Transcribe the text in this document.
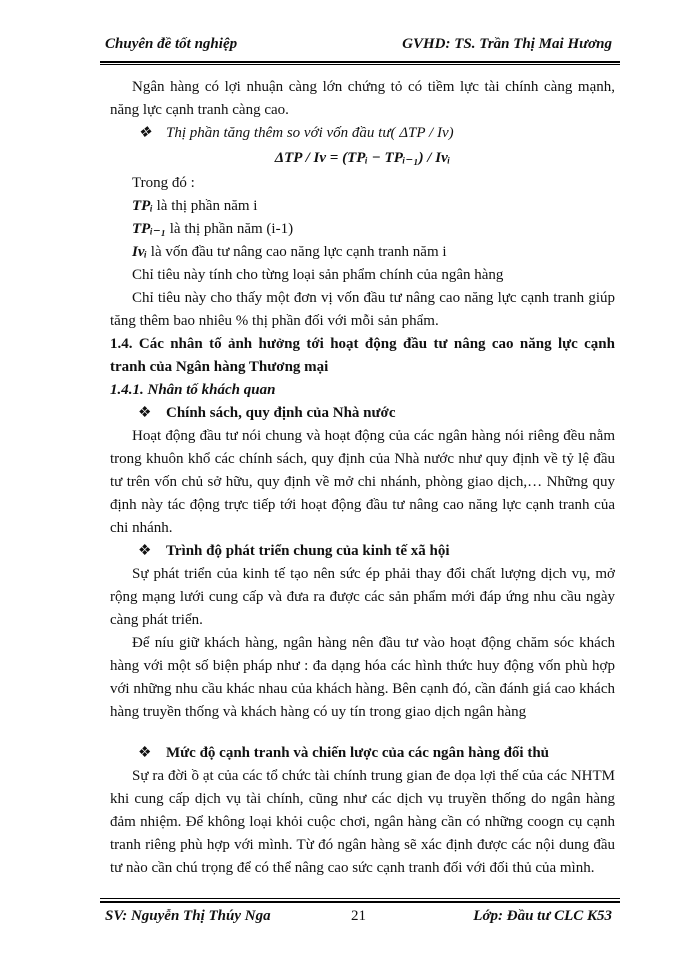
Chuyên đề tốt nghiệp	GVHD: TS. Trần Thị Mai Hương

Ngân hàng có lợi nhuận càng lớn chứng tỏ có tiềm lực tài chính càng mạnh, năng lực cạnh tranh càng cao.

❖ Thị phần tăng thêm so với vốn đầu tư( ΔTP / Iv)

ΔTP / Iv = (TPᵢ − TPᵢ₋₁) / Ivᵢ

Trong đó :

TPᵢ là thị phần năm i

TPᵢ₋₁ là thị phần năm (i-1)

Ivᵢ là vốn đầu tư nâng cao năng lực cạnh tranh năm i

Chỉ tiêu này tính cho từng loại sản phẩm chính của ngân hàng

Chỉ tiêu này cho thấy một đơn vị vốn đầu tư nâng cao năng lực cạnh tranh giúp tăng thêm bao nhiêu % thị phần đối với mỗi sản phẩm.

1.4. Các nhân tố ảnh hưởng tới hoạt động đầu tư nâng cao năng lực cạnh tranh của Ngân hàng Thương mại

1.4.1. Nhân tố khách quan

❖ Chính sách, quy định của Nhà nước

Hoạt động đầu tư nói chung và hoạt động của các ngân hàng nói riêng đều nằm trong khuôn khổ các chính sách, quy định của Nhà nước như quy định về tỷ lệ đầu tư trên vốn chủ sở hữu, quy định về mở chi nhánh, phòng giao dịch,… Những quy định này tác động trực tiếp tới hoạt động đầu tư nâng cao năng lực cạnh tranh của chi nhánh.

❖ Trình độ phát triển chung của kinh tế xã hội

Sự phát triển của kinh tế tạo nên sức ép phải thay đổi chất lượng dịch vụ, mở rộng mạng lưới cung cấp và đưa ra được các sản phẩm mới đáp ứng nhu cầu ngày càng phát triển.

Để níu giữ khách hàng, ngân hàng nên đầu tư vào hoạt động chăm sóc khách hàng với một số biện pháp như : đa dạng hóa các hình thức huy động vốn phù hợp với những nhu cầu khác nhau của khách hàng. Bên cạnh đó, cần đánh giá cao khách hàng truyền thống và khách hàng có uy tín trong giao dịch ngân hàng

❖ Mức độ cạnh tranh và chiến lược của các ngân hàng đối thủ

Sự ra đời ồ ạt của các tổ chức tài chính trung gian đe dọa lợi thế của các NHTM khi cung cấp dịch vụ tài chính, cũng như các dịch vụ truyền thống do ngân hàng đảm nhiệm. Để không loại khỏi cuộc chơi, ngân hàng cần có những coogn cụ cạnh tranh riêng phù hợp với mình. Từ đó ngân hàng sẽ xác định được các nội dung đầu tư nào cần chú trọng để có thể nâng cao sức cạnh tranh đối với đối thủ của mình.

SV: Nguyễn Thị Thúy Nga	21	Lớp: Đầu tư CLC K53
